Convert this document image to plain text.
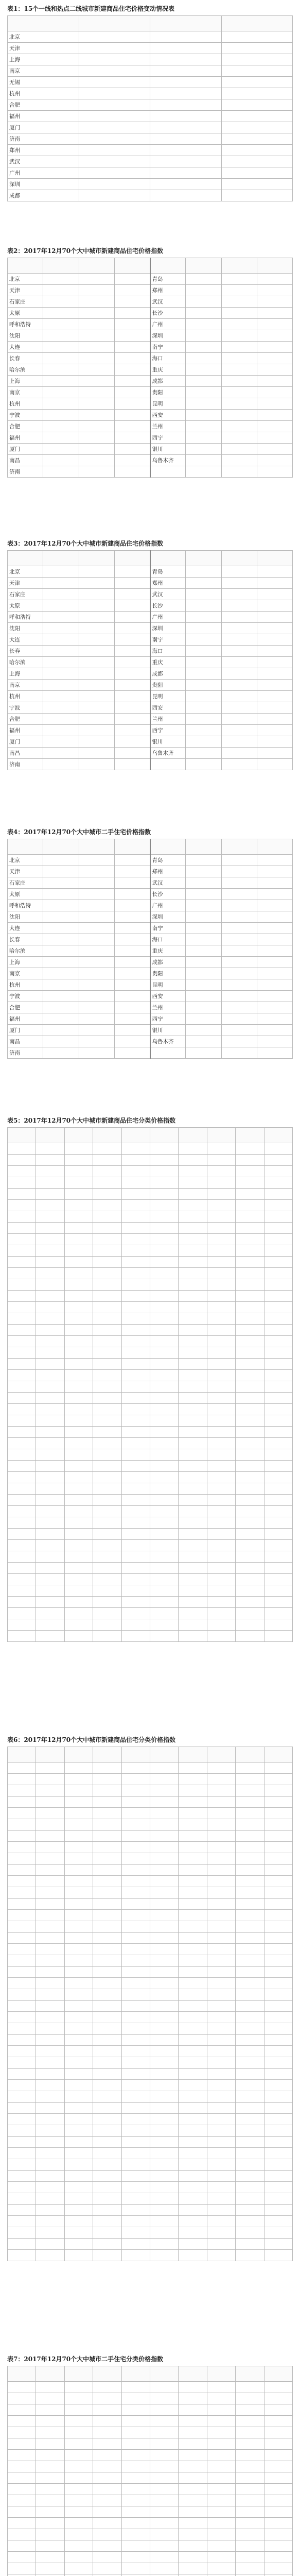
表1：15个一线和热点二线城市新建商品住宅价格变动情况表

北京			
天津			
上海			
南京			
无锡			
杭州			
合肥			
福州			
厦门			
济南			
郑州			
武汉			
广州			
深圳			
成都			
表2：2017年12月70个大中城市新建商品住宅价格指数

北京				青岛			
天津				郑州			
石家庄				武汉			
太原				长沙			
呼和浩特				广州			
沈阳				深圳			
大连				南宁			
长春				海口			
哈尔滨				重庆			
上海				成都			
南京				贵阳			
杭州				昆明			
宁波				西安			
合肥				兰州			
福州				西宁			
厦门				银川			
南昌				乌鲁木齐			
济南							
表3：2017年12月70个大中城市新建商品住宅价格指数

北京				青岛			
天津				郑州			
石家庄				武汉			
太原				长沙			
呼和浩特				广州			
沈阳				深圳			
大连				南宁			
长春				海口			
哈尔滨				重庆			
上海				成都			
南京				贵阳			
杭州				昆明			
宁波				西安			
合肥				兰州			
福州				西宁			
厦门				银川			
南昌				乌鲁木齐			
济南							
表4：2017年12月70个大中城市二手住宅价格指数

北京				青岛			
天津				郑州			
石家庄				武汉			
太原				长沙			
呼和浩特				广州			
沈阳				深圳			
大连				南宁			
长春				海口			
哈尔滨				重庆			
上海				成都			
南京				贵阳			
杭州				昆明			
宁波				西安			
合肥				兰州			
福州				西宁			
厦门				银川			
南昌				乌鲁木齐			
济南							
表5：2017年12月70个大中城市新建商品住宅分类价格指数

表6：2017年12月70个大中城市新建商品住宅分类价格指数

表7：2017年12月70个大中城市二手住宅分类价格指数
